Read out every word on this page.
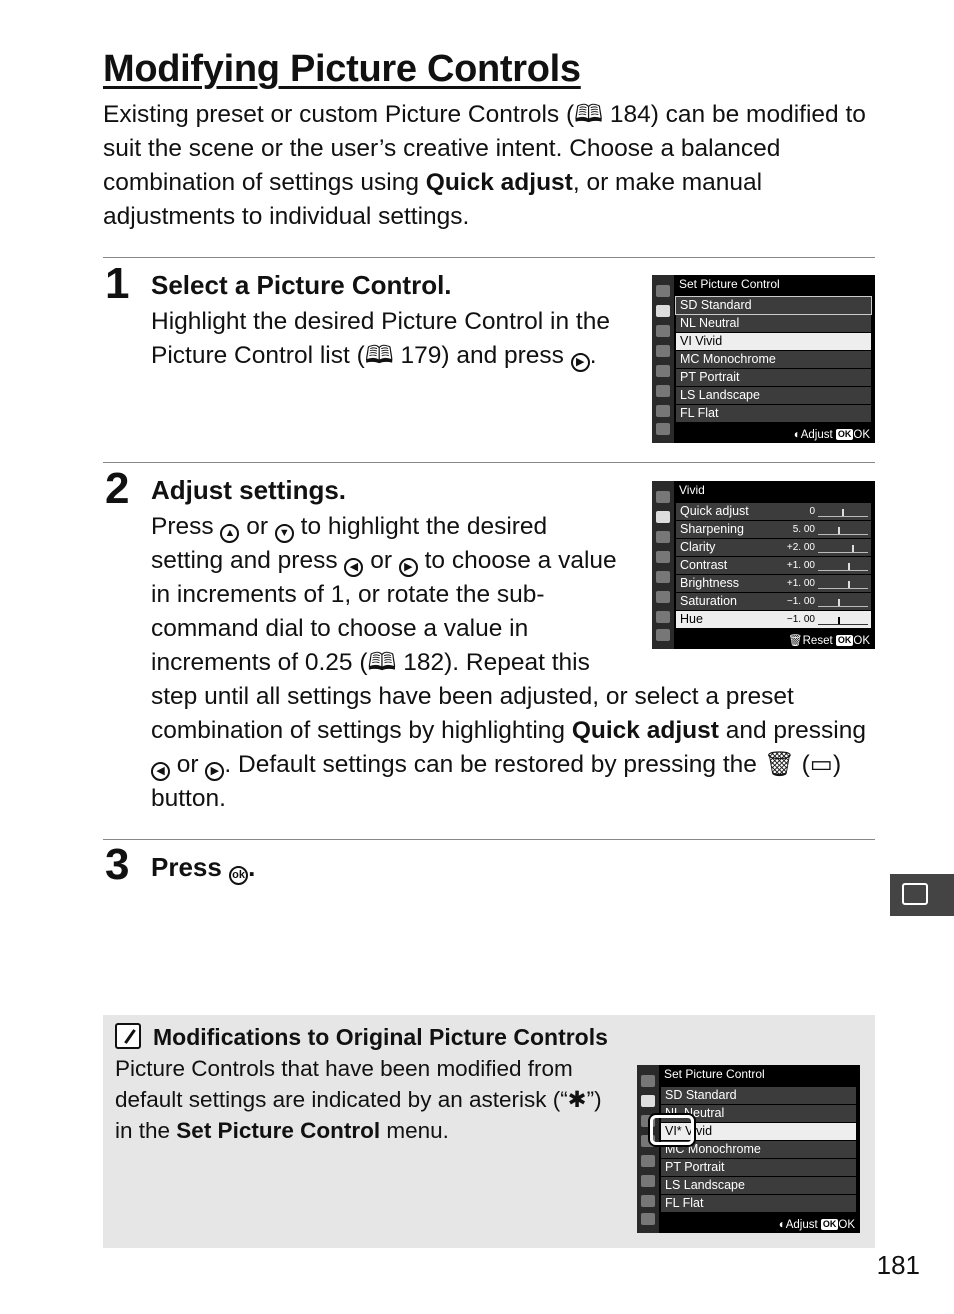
Modifying Picture Controls

Existing preset or custom Picture Controls (🕮 184) can be modified to suit the scene or the user’s creative intent. Choose a balanced combination of settings using Quick adjust, or make manual adjustments to individual settings.

1 Select a Picture Control.

Highlight the desired Picture Control in the Picture Control list (🕮 179) and press ▶ .

Set Picture Control
SD Standard
NL Neutral
VI Vivid
MC Monochrome
PT Portrait
LS Landscape
FL Flat
◐Adjust OK OK
2 Adjust settings.	Vivid
Quick adjust	0
Sharpening	5. 00
Clarity	+2. 00
Contrast	+1. 00
Brightness	+1. 00
Saturation	−1. 00
Hue	−1. 00
🗑Reset OK OK

Press ▲ or ▼ to highlight the desired setting and press ◀ or ▶ to choose a value in increments of 1, or rotate the sub-command dial to choose a value in increments of 0.25 (🕮 182). Repeat this

3 Press ok .
Modifications to Original Picture Controls

Picture Controls that have been modified from default settings are indicated by an asterisk (“✱”) in the Set Picture Control menu.

Set Picture Control
SD Standard
NL Neutral
VI* Vivid
MC Monochrome
PT Portrait
LS Landscape
FL Flat
◐Adjust OK OK
181

step until all settings have been adjusted, or select a preset combination of settings by highlighting Quick adjust and pressing ◀ or ▶ . Default settings can be restored by pressing the 🗑 (▭) button.
